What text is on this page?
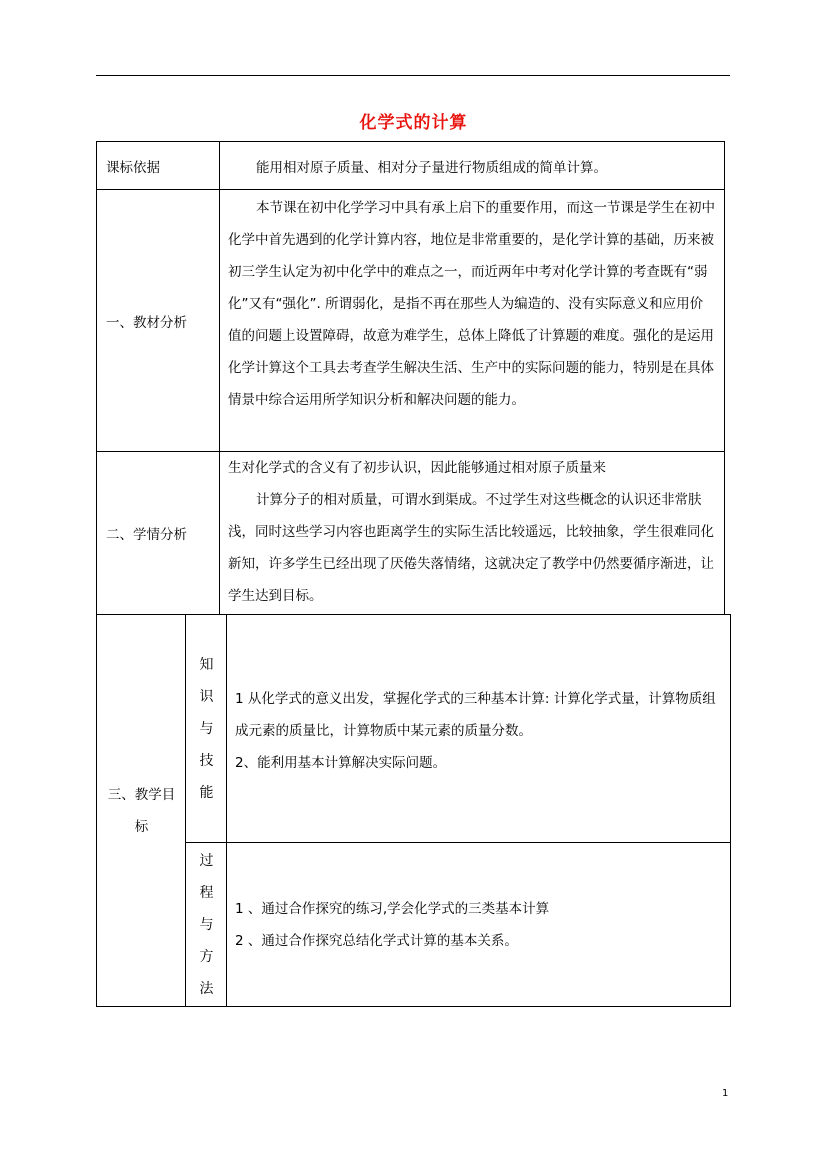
化学式的计算
课标依据	能用相对原子质量、相对分子量进行物质组成的简单计算。
一、教材分析

本节课在初中化学学习中具有承上启下的重要作用，而这一节课是学生在初中化学中首先遇到的化学计算内容，地位是非常重要的，是化学计算的基础，历来被初三学生认定为初中化学中的难点之一，而近两年中考对化学计算的考查既有“弱化”又有“强化”. 所谓弱化，是指不再在那些人为编造的、没有实际意义和应用价值的问题上设置障碍，故意为难学生，总体上降低了计算题的难度。强化的是运用化学计算这个工具去考查学生解决生活、生产中的实际问题的能力，特别是在具体情景中综合运用所学知识分析和解决问题的能力。

二、学情分析

生对化学式的含义有了初步认识，因此能够通过相对原子质量来

计算分子的相对质量，可谓水到渠成。不过学生对这些概念的认识还非常肤浅，同时这些学习内容也距离学生的实际生活比较遥远，比较抽象，学生很难同化新知，许多学生已经出现了厌倦失落情绪，这就决定了教学中仍然要循序渐进，让学生达到目标。

三、教学目
标
知
识
与
技
能

1 从化学式的意义出发，掌握化学式的三种基本计算: 计算化学式量，计算物质组成元素的质量比，计算物质中某元素的质量分数。

2、能利用基本计算解决实际问题。

过
程
与
方
法

1 、通过合作探究的练习,学会化学式的三类基本计算

2 、通过合作探究总结化学式计算的基本关系。

1
